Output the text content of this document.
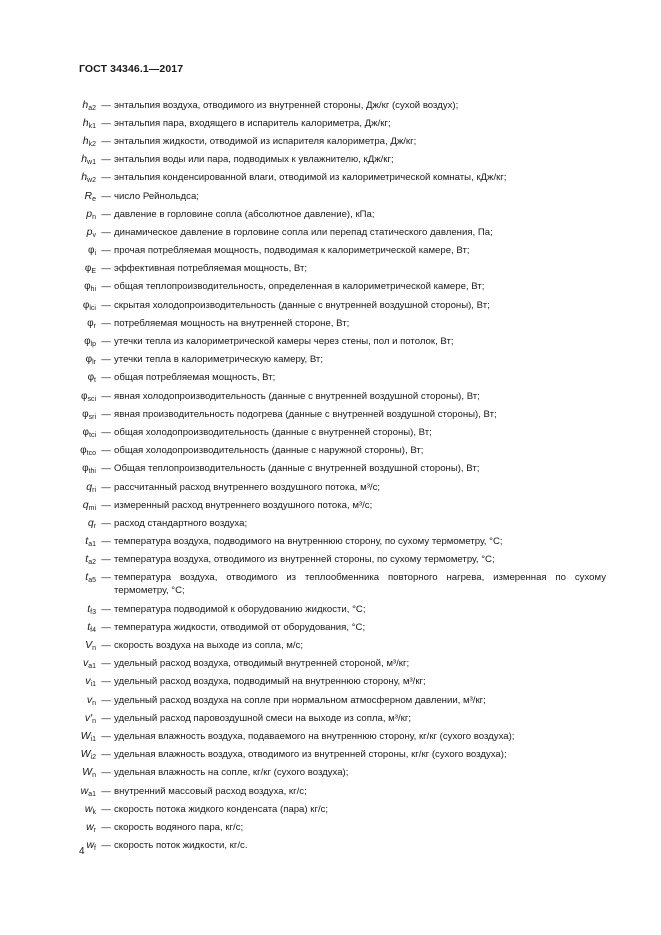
ГОСТ 34346.1—2017
$h_{a2}$ — энтальпия воздуха, отводимого из внутренней стороны, Дж/кг (сухой воздух);
$h_{k1}$ — энтальпия пара, входящего в испаритель калориметра, Дж/кг;
$h_{k2}$ — энтальпия жидкости, отводимой из испарителя калориметра, Дж/кг;
$h_{w1}$ — энтальпия воды или пара, подводимых к увлажнителю, кДж/кг;
$h_{w2}$ — энтальпия конденсированной влаги, отводимой из калориметрической комнаты, кДж/кг;
$R_e$ — число Рейнольдса;
$p_n$ — давление в горловине сопла (абсолютное давление), кПа;
$p_v$ — динамическое давление в горловине сопла или перепад статического давления, Па;
$\varphi_i$ — прочая потребляемая мощность, подводимая к калориметрической камере, Вт;
$\varphi_E$ — эффективная потребляемая мощность, Вт;
$\varphi_{hi}$ — общая теплопроизводительность, определенная в калориметрической камере, Вт;
$\varphi_{lci}$ — скрытая холодопроизводительность (данные с внутренней воздушной стороны), Вт;
$\varphi_r$ — потребляемая мощность на внутренней стороне, Вт;
$\varphi_{lp}$ — утечки тепла из калориметрической камеры через стены, пол и потолок, Вт;
$\varphi_{lr}$ — утечки тепла в калориметрическую камеру, Вт;
$\varphi_t$ — общая потребляемая мощность, Вт;
$\varphi_{sci}$ — явная холодопроизводительность (данные с внутренней воздушной стороны), Вт;
$\varphi_{sri}$ — явная производительность подогрева (данные с внутренней воздушной стороны), Вт;
$\varphi_{tci}$ — общая холодопроизводительность (данные с внутренней стороны), Вт;
$\varphi_{tco}$ — общая холодопроизводительность (данные с наружной стороны), Вт;
$\varphi_{thi}$ — Общая теплопроизводительность (данные с внутренней воздушной стороны), Вт;
$q_{ri}$ — рассчитанный расход внутреннего воздушного потока, м³/с;
$q_{mi}$ — измеренный расход внутреннего воздушного потока, м³/с;
$q_r$ — расход стандартного воздуха;
$t_{a1}$ — температура воздуха, подводимого на внутреннюю сторону, по сухому термометру, °С;
$t_{a2}$ — температура воздуха, отводимого из внутренней стороны, по сухому термометру, °С;
$t_{a5}$ — температура воздуха, отводимого из теплообменника повторного нагрева, измеренная по сухому термометру, °С;
$t_{f3}$ — температура подводимой к оборудованию жидкости, °С;
$t_{f4}$ — температура жидкости, отводимой от оборудования, °С;
$V_n$ — скорость воздуха на выходе из сопла, м/с;
$v_{a1}$ — удельный расход воздуха, отводимый внутренней стороной, м³/кг;
$v_{i1}$ — удельный расход воздуха, подводимый на внутреннюю сторону, м³/кг;
$v_n$ — удельный расход воздуха на сопле при нормальном атмосферном давлении, м³/кг;
$v'_n$ — удельный расход паровоздушной смеси на выходе из сопла, м³/кг;
$W_{i1}$ — удельная влажность воздуха, подаваемого на внутреннюю сторону, кг/кг (сухого воздуха);
$W_{i2}$ — удельная влажность воздуха, отводимого из внутренней стороны, кг/кг (сухого воздуха);
$W_n$ — удельная влажность на сопле, кг/кг (сухого воздуха);
$w_{a1}$ — внутренний массовый расход воздуха, кг/с;
$w_k$ — скорость потока жидкого конденсата (пара) кг/с;
$w_r$ — скорость водяного пара, кг/с;
$w_f$ — скорость поток жидкости, кг/с.
4
